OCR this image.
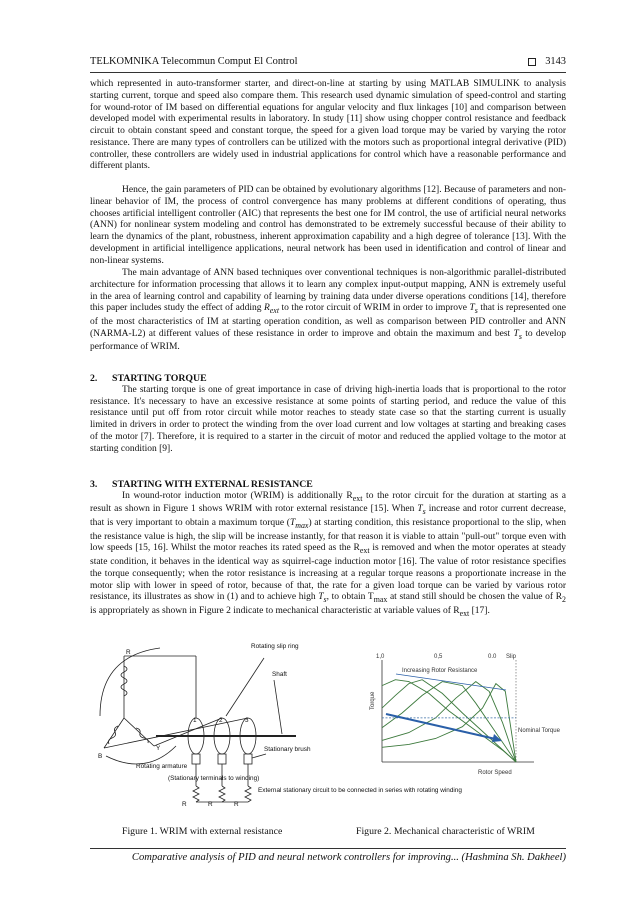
TELKOMNIKA Telecommun Comput El Control	3143

which represented in auto-transformer starter, and direct-on-line at starting by using MATLAB SIMULINK to analysis starting current, torque and speed also compare them. This research used dynamic simulation of speed-control and starting for wound-rotor of IM based on differential equations for angular velocity and flux linkages [10] and comparison between developed model with experimental results in laboratory. In study [11] show using chopper control resistance and feedback circuit to obtain constant speed and constant torque, the speed for a given load torque may be varied by varying the rotor resistance. There are many types of controllers can be utilized with the motors such as proportional integral derivative (PID) controller, these controllers are widely used in industrial applications for control which have a reasonable performance and different plants.

Hence, the gain parameters of PID can be obtained by evolutionary algorithms [12]. Because of parameters and non-linear behavior of IM, the process of control convergence has many problems at different conditions of operating, thus chooses artificial intelligent controller (AIC) that represents the best one for IM control, the use of artificial neural networks (ANN) for nonlinear system modeling and control has demonstrated to be extremely successful because of their ability to learn the dynamics of the plant, robustness, inherent approximation capability and a high degree of tolerance [13]. With the development in artificial intelligence applications, neural network has been used in identification and control of linear and non-linear systems.

The main advantage of ANN based techniques over conventional techniques is non-algorithmic parallel-distributed architecture for information processing that allows it to learn any complex input-output mapping, ANN is extremely useful in the area of learning control and capability of learning by training data under diverse operations conditions [14], therefore this paper includes study the effect of adding $R_{ext}$ to the rotor circuit of WRIM in order to improve $T_s$ that is represented one of the most characteristics of IM at starting operation condition, as well as comparison between PID controller and ANN (NARMA-L2) at different values of these resistance in order to improve and obtain the maximum and best $T_s$ to develop performance of WRIM.

2. STARTING TORQUE

The starting torque is one of great importance in case of driving high-inertia loads that is proportional to the rotor resistance. It's necessary to have an excessive resistance at some points of starting period, and reduce the value of this resistance until put off from rotor circuit while motor reaches to steady state case so that the starting current is usually limited in drivers in order to protect the winding from the over load current and low voltages at starting and breaking cases of the motor [7]. Therefore, it is required to a starter in the circuit of motor and reduced the applied voltage to the motor at starting condition [9].

3. STARTING WITH EXTERNAL RESISTANCE

In wound-rotor induction motor (WRIM) is additionally $R_{ext}$ to the rotor circuit for the duration at starting as a result as shown in Figure 1 shows WRIM with rotor external resistance [15]. When $T_s$ increase and rotor current decrease, that is very important to obtain a maximum torque $(T_{max})$ at starting condition, this resistance proportional to the slip, when the resistance value is high, the slip will be increase instantly, for that reason it is viable to attain "pull-out" torque even with low speeds [15, 16]. Whilst the motor reaches its rated speed as the $R_{ext}$ is removed and when the motor operates at steady state condition, it behaves in the identical way as squirrel-cage induction motor [16]. The value of rotor resistance specifies the torque consequently; when the rotor resistance is increasing at a regular torque reasons a proportionate increase in the motor slip with lower in speed of rotor, because of that, the rate for a given load torque can be varied by various rotor resistance, its illustrates as show in (1) and to achieve high $T_s$, to obtain $T_{max}$ at stand still should be chosen the value of $R_2$ is appropriately as shown in Figure 2 indicate to mechanical characteristic at variable values of $R_{ext}$ [17].

R
Rotating slip ring
Shaft
1	2	3
Stationary brush
B
Y
Rotating armature
(Stationary terminals to winding)
External stationary circuit to be connected in series with rotating winding
R	R	R
1,0	0,5	0.0 Slip
Increasing Rotor Resistance
Nominal Torque
Rotor Speed
Torque
Figure 1. WRIM with external resistance	Figure 2. Mechanical characteristic of WRIM
Comparative analysis of PID and neural network controllers for improving... (Hashmina Sh. Dakheel)
